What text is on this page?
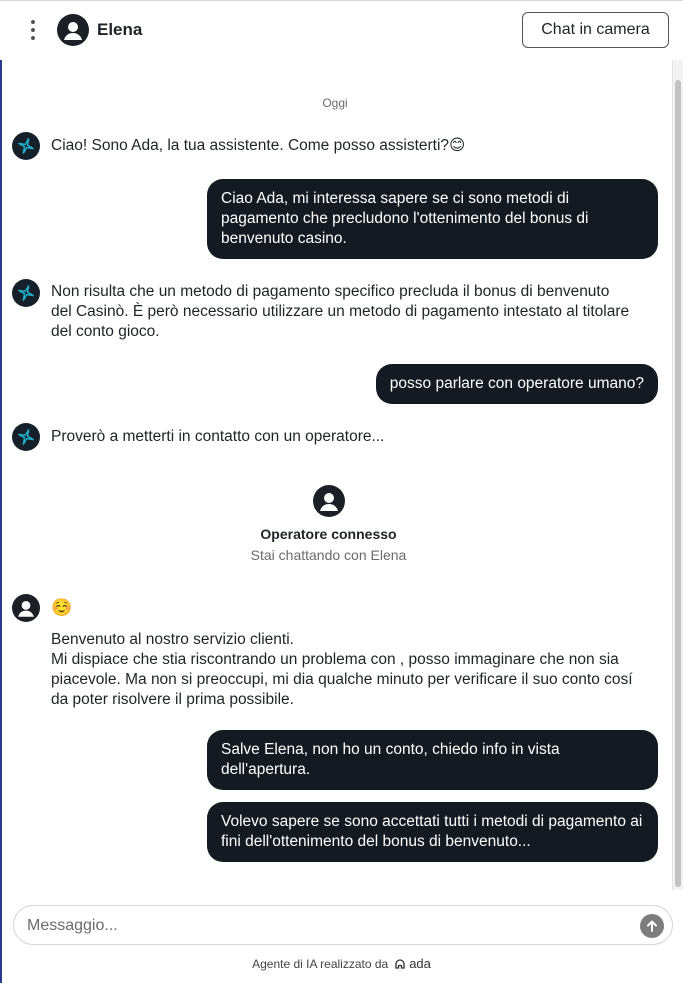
Elena	Chat in camera
Oggi
Ciao! Sono Ada, la tua assistente. Come posso assisterti?😊
Ciao Ada, mi interessa sapere se ci sono metodi di pagamento che precludono l'ottenimento del bonus di benvenuto casino.
Non risulta che un metodo di pagamento specifico precluda il bonus di benvenuto del Casinò. È però necessario utilizzare un metodo di pagamento intestato al titolare del conto gioco.
posso parlare con operatore umano?
Proverò a metterti in contatto con un operatore...
Operatore connesso
Stai chattando con Elena
☺️
Benvenuto al nostro servizio clienti.
Mi dispiace che stia riscontrando un problema con , posso immaginare che non sia piacevole. Ma non si preoccupi, mi dia qualche minuto per verificare il suo conto cosí da poter risolvere il prima possibile.
Salve Elena, non ho un conto, chiedo info in vista dell'apertura.
Volevo sapere se sono accettati tutti i metodi di pagamento ai fini dell'ottenimento del bonus di benvenuto...
Messaggio...
Agente di IA realizzato da ada
